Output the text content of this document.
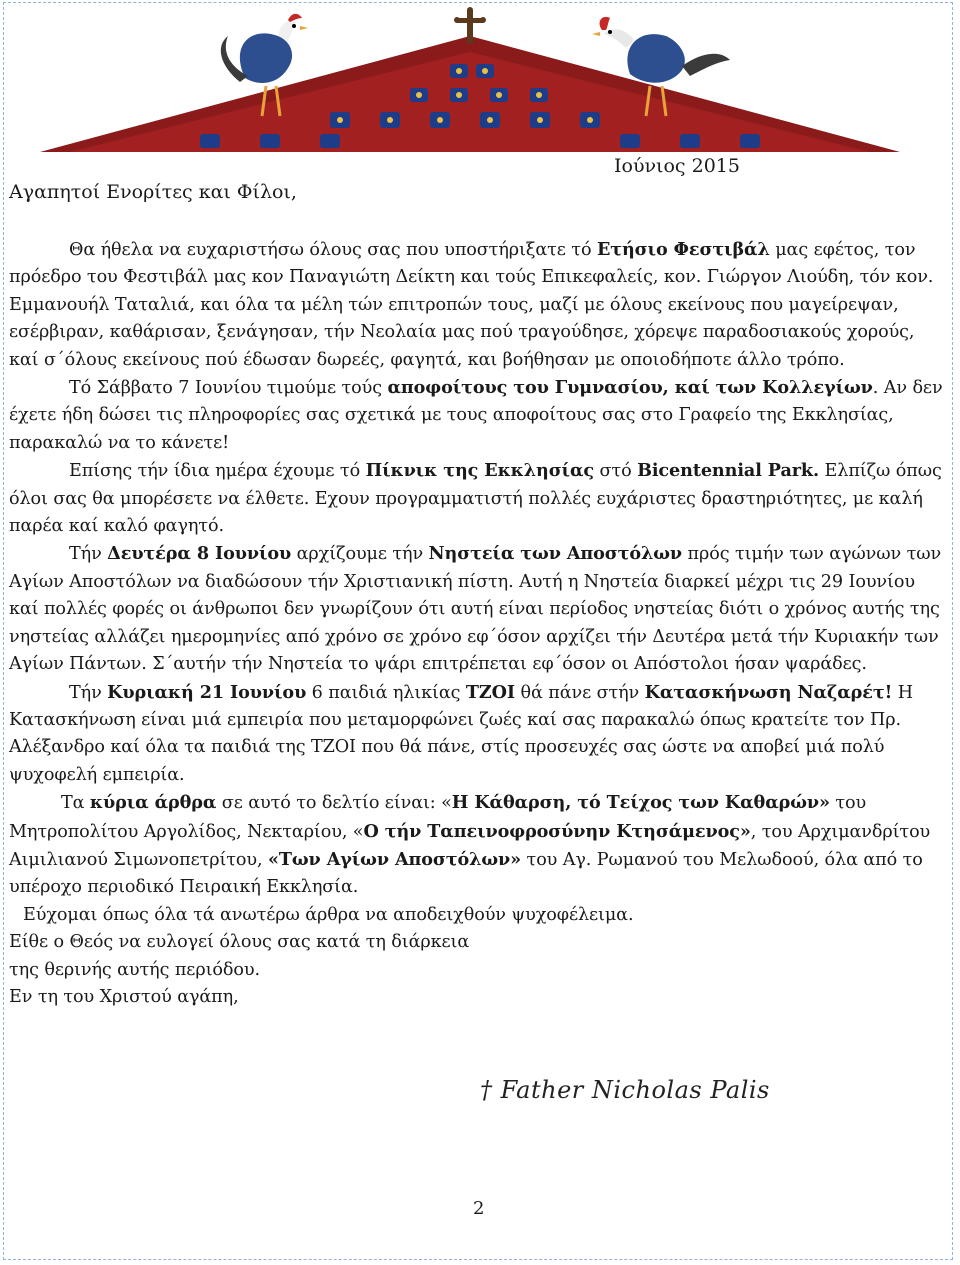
Ιούνιος 2015
Αγαπητοί Ενορίτες και Φίλοι,

Θα ήθελα να ευχαριστήσω όλους σας που υποστήριξατε τό Ετήσιο Φεστιβάλ μας εφέτος, τον πρόεδρο του Φεστιβάλ μας κον Παναγιώτη Δείκτη και τούς Επικεφαλείς, κον. Γιώργον Λιούδη, τόν κον. Εμμανουήλ Ταταλιά, και όλα τα μέλη τών επιτροπών τους, μαζί με όλους εκείνους που μαγείρεψαν, εσέρβιραν, καθάρισαν, ξενάγησαν, τήν Νεολαία μας πού τραγούδησε, χόρεψε παραδοσιακούς χορούς, καί σ΄όλους εκείνους πού έδωσαν δωρεές, φαγητά, και βοήθησαν με οποιοδήποτε άλλο τρόπο.

Τό Σάββατο 7 Ιουνίου τιμούμε τούς αποφοίτους του Γυμνασίου, καί των Κολλεγίων. Αν δεν έχετε ήδη δώσει τις πληροφορίες σας σχετικά με τους αποφοίτους σας στο Γραφείο της Εκκλησίας, παρακαλώ να το κάνετε!

Επίσης τήν ίδια ημέρα έχουμε τό Πίκνικ της Εκκλησίας στό Bicentennial Park. Ελπίζω όπως όλοι σας θα μπορέσετε να έλθετε. Εχουν προγραμματιστή πολλές ευχάριστες δραστηριότητες, με καλή παρέα καί καλό φαγητό.

Τήν Δευτέρα 8 Ιουνίου αρχίζουμε τήν Νηστεία των Αποστόλων πρός τιμήν των αγώνων των Αγίων Αποστόλων να διαδώσουν τήν Χριστιανική πίστη. Αυτή η Νηστεία διαρκεί μέχρι τις 29 Ιουνίου καί πολλές φορές οι άνθρωποι δεν γνωρίζουν ότι αυτή είναι περίοδος νηστείας διότι ο χρόνος αυτής της νηστείας αλλάζει ημερομηνίες από χρόνο σε χρόνο εφ΄όσον αρχίζει τήν Δευτέρα μετά τήν Κυριακήν των Αγίων Πάντων. Σ΄αυτήν τήν Νηστεία το ψάρι επιτρέπεται εφ΄όσον οι Απόστολοι ήσαν ψαράδες.

Τήν Κυριακή 21 Ιουνίου 6 παιδιά ηλικίας TZOI θά πάνε στήν Κατασκήνωση Ναζαρέτ! Η Κατασκήνωση είναι μιά εμπειρία που μεταμορφώνει ζωές καί σας παρακαλώ όπως κρατείτε τον Πρ. Αλέξανδρο καί όλα τα παιδιά της ΤΖΟΙ που θά πάνε, στίς προσευχές σας ώστε να αποβεί μιά πολύ ψυχοφελή εμπειρία.

Τα κύρια άρθρα σε αυτό το δελτίο είναι: «Η Κάθαρση, τό Τείχος των Καθαρών» του Μητροπολίτου Αργολίδος, Νεκταρίου, «Ο τήν Ταπεινοφροσύνην Κτησάμενος», του Αρχιμανδρίτου Αιμιλιανού Σιμωνοπετρίτου, «Των Αγίων Αποστόλων» του Αγ. Ρωμανού του Μελωδοού, όλα από το υπέροχο περιοδικό Πειραική Εκκλησία.

Εύχομαι όπως όλα τά ανωτέρω άρθρα να αποδειχθούν ψυχοφέλειμα.

Είθε ο Θεός να ευλογεί όλους σας κατά τη διάρκεια

της θερινής αυτής περιόδου.

Εν τη του Χριστού αγάπη,

† Father Nicholas Palis
2
